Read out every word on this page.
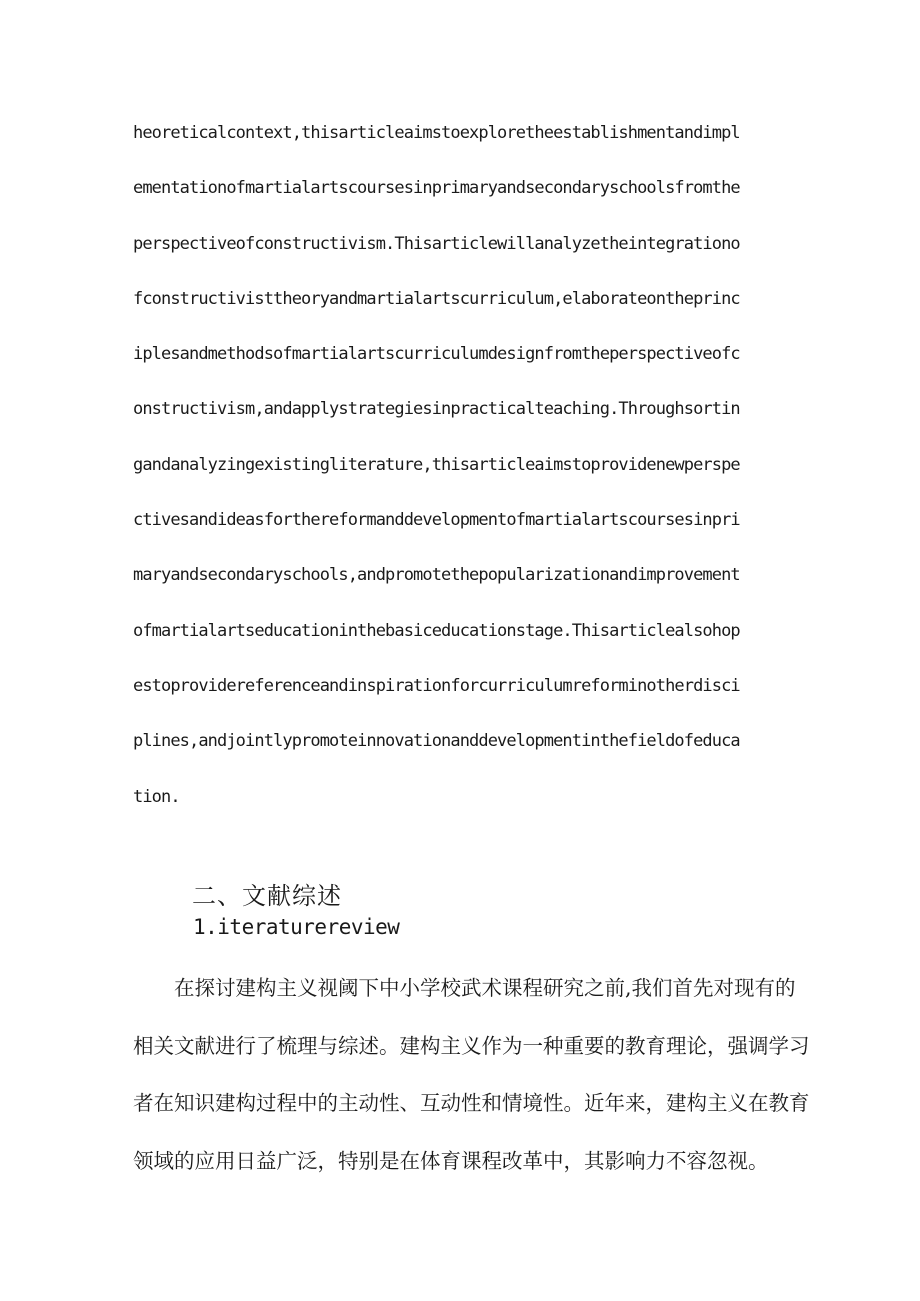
heoreticalcontext,thisarticleaimstoexploretheestablishmentandimpl
ementationofmartialartscoursesinprimaryandsecondaryschoolsfromthe
perspectiveofconstructivism.Thisarticlewillanalyzetheintegrationo
fconstructivisttheoryandmartialartscurriculum,elaborateontheprinc
iplesandmethodsofmartialartscurriculumdesignfromtheperspectiveofc
onstructivism,andapplystrategiesinpracticalteaching.Throughsortin
gandanalyzingexistingliterature,thisarticleaimstoprovidenewperspe
ctivesandideasforthereformanddevelopmentofmartialartscoursesinpri
maryandsecondaryschools,andpromotethepopularizationandimprovement
ofmartialartseducationinthebasiceducationstage.Thisarticlealsohop
estoprovidereferenceandinspirationforcurriculumreforminotherdisci
plines,andjointlypromoteinnovationanddevelopmentinthefieldofeduca
tion.
二、文献综述
1.iteraturereview
在探讨建构主义视阈下中小学校武术课程研究之前,我们首先对现有的
相关文献进行了梳理与综述。建构主义作为一种重要的教育理论，强调学习
者在知识建构过程中的主动性、互动性和情境性。近年来，建构主义在教育
领域的应用日益广泛，特别是在体育课程改革中，其影响力不容忽视。
